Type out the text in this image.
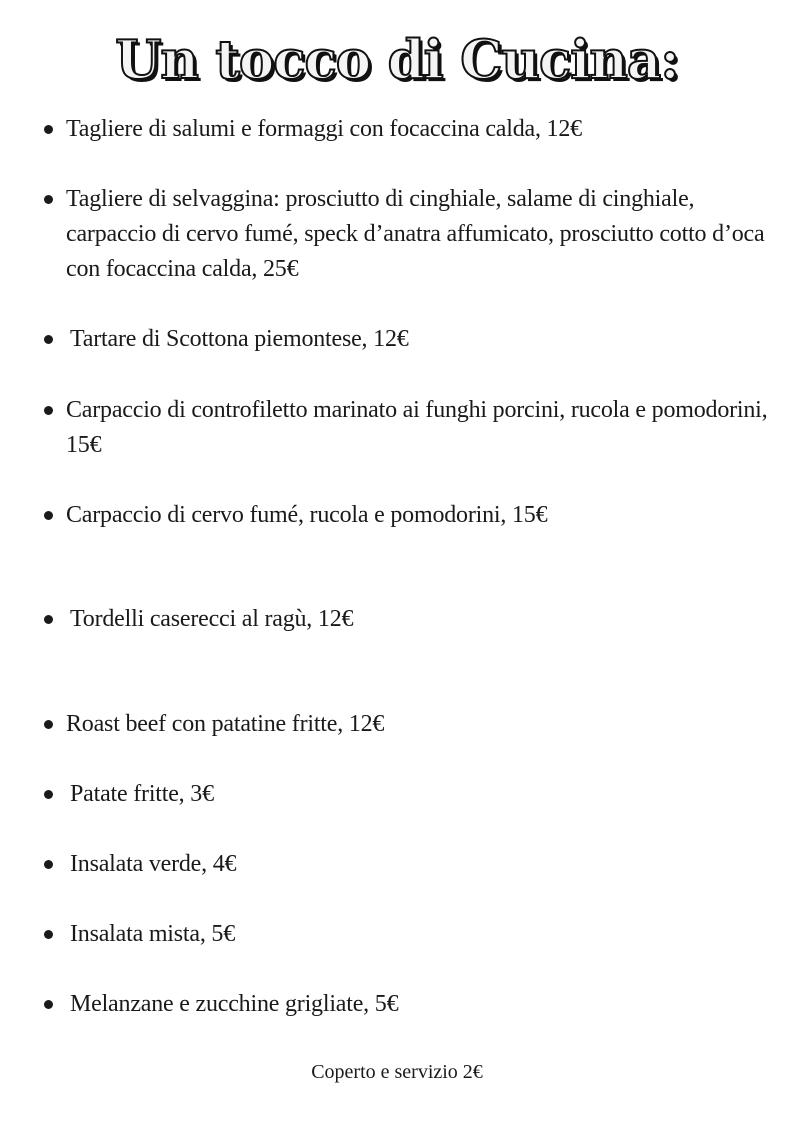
Un tocco di Cucina:
Tagliere di salumi e formaggi con focaccina calda, 12€
Tagliere di selvaggina: prosciutto di cinghiale, salame di cinghiale, carpaccio di cervo fumé, speck d’anatra affumicato, prosciutto cotto d’oca con focaccina calda, 25€
Tartare di Scottona piemontese, 12€
Carpaccio di controfiletto marinato ai funghi porcini, rucola e pomodorini, 15€
Carpaccio di cervo fumé, rucola e pomodorini, 15€
Tordelli caserecci al ragù, 12€
Roast beef con patatine fritte, 12€
Patate fritte, 3€
Insalata verde, 4€
Insalata mista, 5€
Melanzane e zucchine grigliate, 5€
Coperto e servizio 2€
